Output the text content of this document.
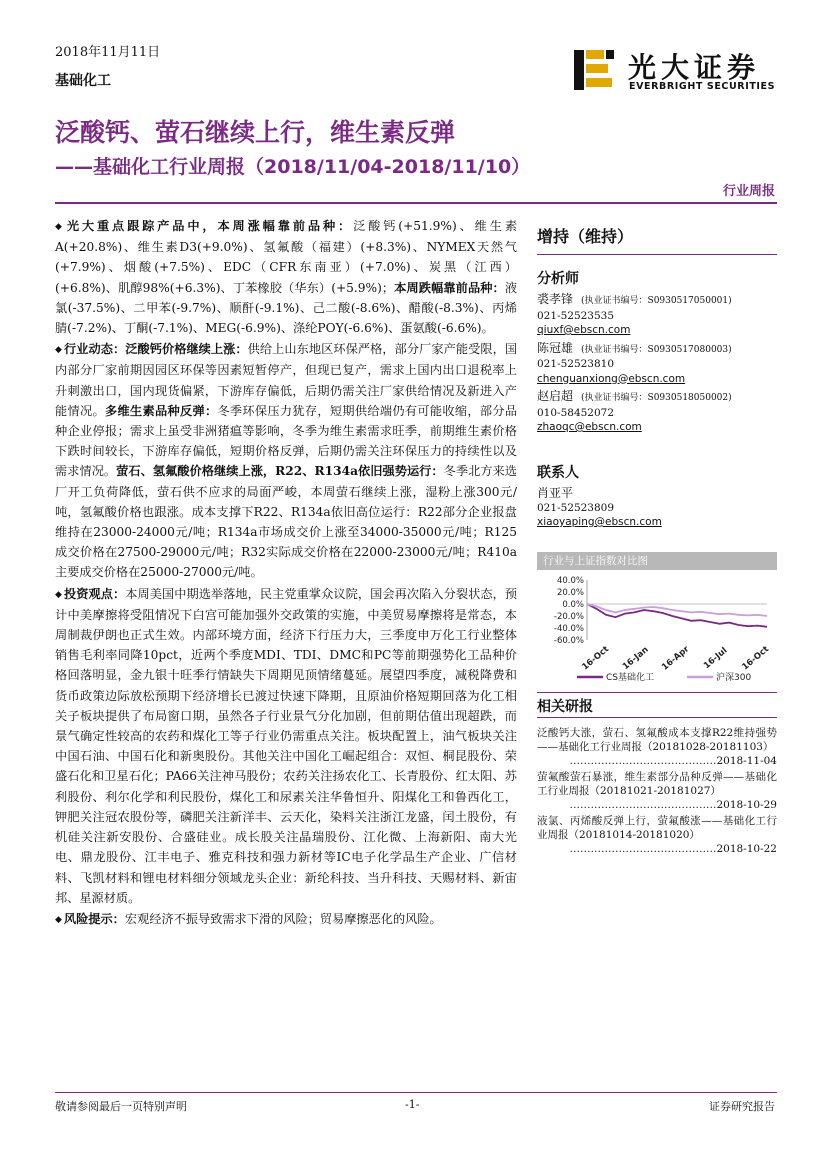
2018年11月11日
基础化工	光大证券
EVERBRIGHT SECURITIES
泛酸钙、萤石继续上行，维生素反弹
——基础化工行业周报（2018/11/04-2018/11/10）
行业周报

◆ 光大重点跟踪产品中，本周涨幅靠前品种：泛酸钙(+51.9%)、维生素A(+20.8%)、维生素D3(+9.0%)、氢氟酸（福建）(+8.3%)、NYMEX天然气(+7.9%)、烟酸(+7.5%)、EDC（CFR东南亚）(+7.0%)、炭黑（江西）(+6.8%)、肌醇98%(+6.3%)、丁苯橡胶（华东）(+5.9%)；本周跌幅靠前品种：液氯(-37.5%)、二甲苯(-9.7%)、顺酐(-9.1%)、己二酸(-8.6%)、醋酸(-8.3%)、丙烯腈(-7.2%)、丁酮(-7.1%)、MEG(-6.9%)、涤纶POY(-6.6%)、蛋氨酸(-6.6%)。

◆ 行业动态：泛酸钙价格继续上涨：供给上山东地区环保严格，部分厂家产能受限，国内部分厂家前期因园区环保等因素短暂停产，但现已复产，需求上国内出口退税率上升刺激出口，国内现货偏紧，下游库存偏低，后期仍需关注厂家供给情况及新进入产能情况。多维生素品种反弹：冬季环保压力犹存，短期供给端仍有可能收缩，部分品种企业停报；需求上虽受非洲猪瘟等影响，冬季为维生素需求旺季，前期维生素价格下跌时间较长，下游库存偏低，短期价格反弹，后期仍需关注环保压力的持续性以及需求情况。萤石、氢氟酸价格继续上涨，R22、R134a依旧强势运行：冬季北方来选厂开工负荷降低，萤石供不应求的局面严峻，本周萤石继续上涨，湿粉上涨300元/吨，氢氟酸价格也跟涨。成本支撑下R22、R134a依旧高位运行：R22部分企业报盘维持在23000-24000元/吨；R134a市场成交价上涨至34000-35000元/吨；R125成交价格在27500-29000元/吨；R32实际成交价格在22000-23000元/吨；R410a主要成交价格在25000-27000元/吨。

◆ 投资观点：本周美国中期选举落地，民主党重掌众议院，国会再次陷入分裂状态，预计中美摩擦将受阻情况下白宫可能加强外交政策的实施，中美贸易摩擦将是常态，本周制裁伊朗也正式生效。内部环境方面，经济下行压力大，三季度申万化工行业整体销售毛利率同降10pct，近两个季度MDI、TDI、DMC和PC等前期强势化工品种价格回落明显，金九银十旺季行情缺失下周期见顶情绪蔓延。展望四季度，减税降费和货币政策边际放松预期下经济增长已渡过快速下降期，且原油价格短期回落为化工相关子板块提供了布局窗口期，虽然各子行业景气分化加剧，但前期估值出现超跌，而景气确定性较高的农药和煤化工等子行业仍需重点关注。板块配置上，油气板块关注中国石油、中国石化和新奥股份。其他关注中国化工崛起组合：双恒、桐昆股份、荣盛石化和卫星石化；PA66关注神马股份；农药关注扬农化工、长青股份、红太阳、苏利股份、利尔化学和利民股份，煤化工和尿素关注华鲁恒升、阳煤化工和鲁西化工，钾肥关注冠农股份等，磷肥关注新洋丰、云天化，染料关注浙江龙盛，闰土股份，有机硅关注新安股份、合盛硅业。成长股关注晶瑞股份、江化微、上海新阳、南大光电、鼎龙股份、江丰电子、雅克科技和强力新材等IC电子化学品生产企业、广信材料、飞凯材料和锂电材料细分领域龙头企业：新纶科技、当升科技、天赐材料、新宙邦、星源材质。

◆ 风险提示：宏观经济不振导致需求下滑的风险；贸易摩擦恶化的风险。

增持（维持）
分析师
裘孝锋 (执业证书编号：S0930517050001)
021-52523535
qiuxf@ebscn.com
陈冠雄 (执业证书编号：S0930517080003)
021-52523810
chenguanxiong@ebscn.com
赵启超 (执业证书编号：S0930518050002)
010-58452072
zhaoqc@ebscn.com
联系人
肖亚平
021-52523809
xiaoyaping@ebscn.com
行业与上证指数对比图
40.0%
20.0%
0.0%
-20.0%
-40.0%
-60.0%
16-Oct 16-Jan 16-Apr 16-Jul 16-Oct
CS基础化工	沪深300
相关研报
泛酸钙大涨，萤石、氢氟酸成本支撑R22维持强势——基础化工行业周报（20181028-20181103）
……………………………………2018-11-04
萤氟酸萤石暴涨，维生素部分品种反弹——基础化工行业周报（20181021-20181027）
……………………………………2018-10-29
液氯、丙烯酸反弹上行，萤氟酸涨——基础化工行业周报（20181014-20181020）
……………………………………2018-10-22
敬请参阅最后一页特别声明	-1-	证券研究报告
